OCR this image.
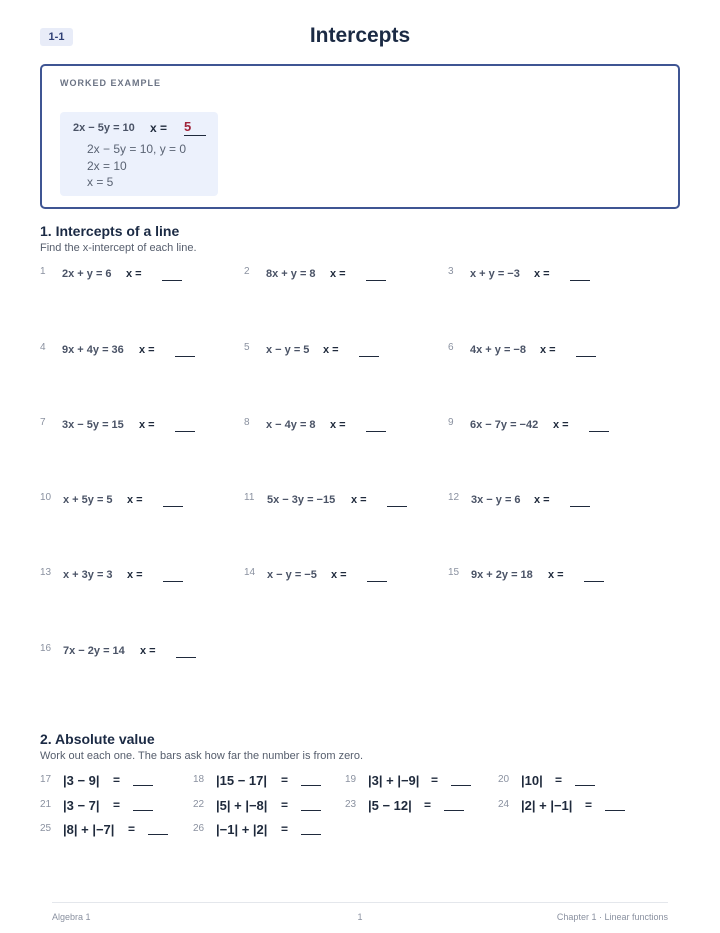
1-1	Intercepts
WORKED EXAMPLE
2x − 5y = 10 x = 5
2x − 5y = 10, y = 0
2x = 10
x = 5
1. Intercepts of a line
Find the x-intercept of each line.
1 2x + y = 6 x =	2 8x + y = 8 x =	3 x + y = −3 x =
4 9x + 4y = 36 x =	5 x − y = 5 x =	6 4x + y = −8 x =
7 3x − 5y = 15 x =	8 x − 4y = 8 x =	9 6x − 7y = −42 x =
10 x + 5y = 5 x =	11 5x − 3y = −15 x =	12 3x − y = 6 x =
13 x + 3y = 3 x =	14 x − y = −5 x =	15 9x + 2y = 18 x =
16 7x − 2y = 14 x =
2. Absolute value
Work out each one. The bars ask how far the number is from zero.
17 |3 − 9| =	18 |15 − 17| =	19 |3| + |−9| =	20 |10| =
21 |3 − 7| =	22 |5| + |−8| =	23 |5 − 12| =	24 |2| + |−1| =
25 |8| + |−7| =	26 |−1| + |2| =
Algebra 1	1	Chapter 1 · Linear functions
